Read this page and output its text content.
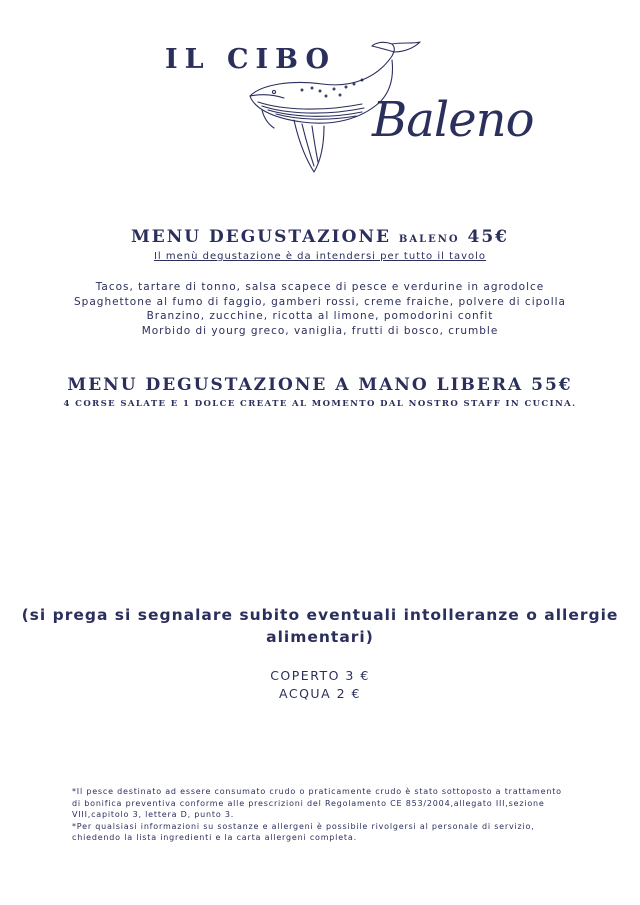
IL CIBO
Baleno
MENU DEGUSTAZIONE baleno 45€
Il menù degustazione è da intendersi per tutto il tavolo
Tacos, tartare di tonno, salsa scapece di pesce e verdurine in agrodolce
Spaghettone al fumo di faggio, gamberi rossi, creme fraiche, polvere di cipolla
Branzino, zucchine, ricotta al limone, pomodorini confit
Morbido di yourg greco, vaniglia, frutti di bosco, crumble
MENU DEGUSTAZIONE A MANO LIBERA 55€
4 CORSE SALATE E 1 DOLCE CREATE AL MOMENTO DAL NOSTRO STAFF IN CUCINA.
(si prega si segnalare subito eventuali intolleranze o allergie
alimentari)
COPERTO 3 €
ACQUA 2 €
*Il pesce destinato ad essere consumato crudo o praticamente crudo è stato sottoposto a trattamento
di bonifica preventiva conforme alle prescrizioni del Regolamento CE 853/2004,allegato III,sezione
VIII,capitolo 3, lettera D, punto 3.
*Per qualsiasi informazioni su sostanze e allergeni è possibile rivolgersi al personale di servizio,
chiedendo la lista ingredienti e la carta allergeni completa.
